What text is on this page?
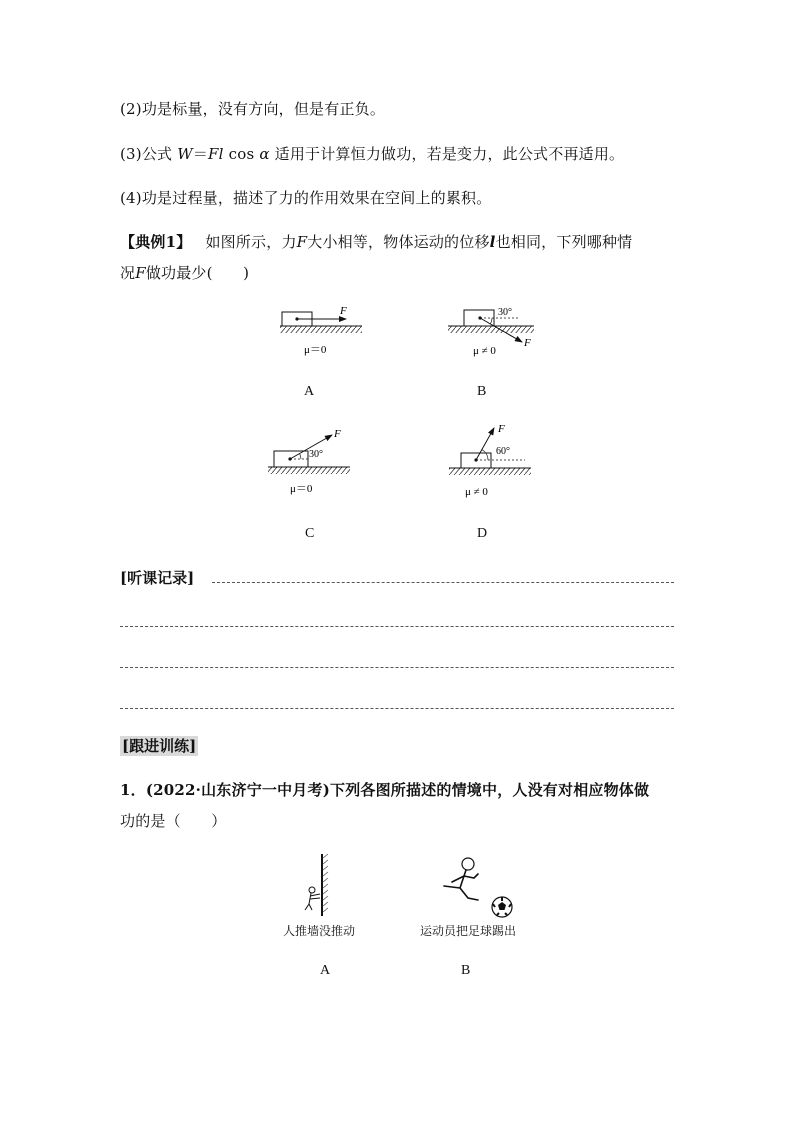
(2)功是标量，没有方向，但是有正负。
(3)公式 W＝Fl cos α 适用于计算恒力做功，若是变力，此公式不再适用。
(4)功是过程量，描述了力的作用效果在空间上的累积。
【典例1】 如图所示，力F大小相等，物体运动的位移l也相同，下列哪种情
况F做功最少(　　)
F
μ＝0
A
30°
F
μ ≠ 0
B
30°
F
μ＝0
C
60°
F
μ ≠ 0
D
[听课记录]
[跟进训练]
1．(2022·山东济宁一中月考)下列各图所描述的情境中，人没有对相应物体做
功的是（　　）
人推墙没推动
A
运动员把足球踢出
B
